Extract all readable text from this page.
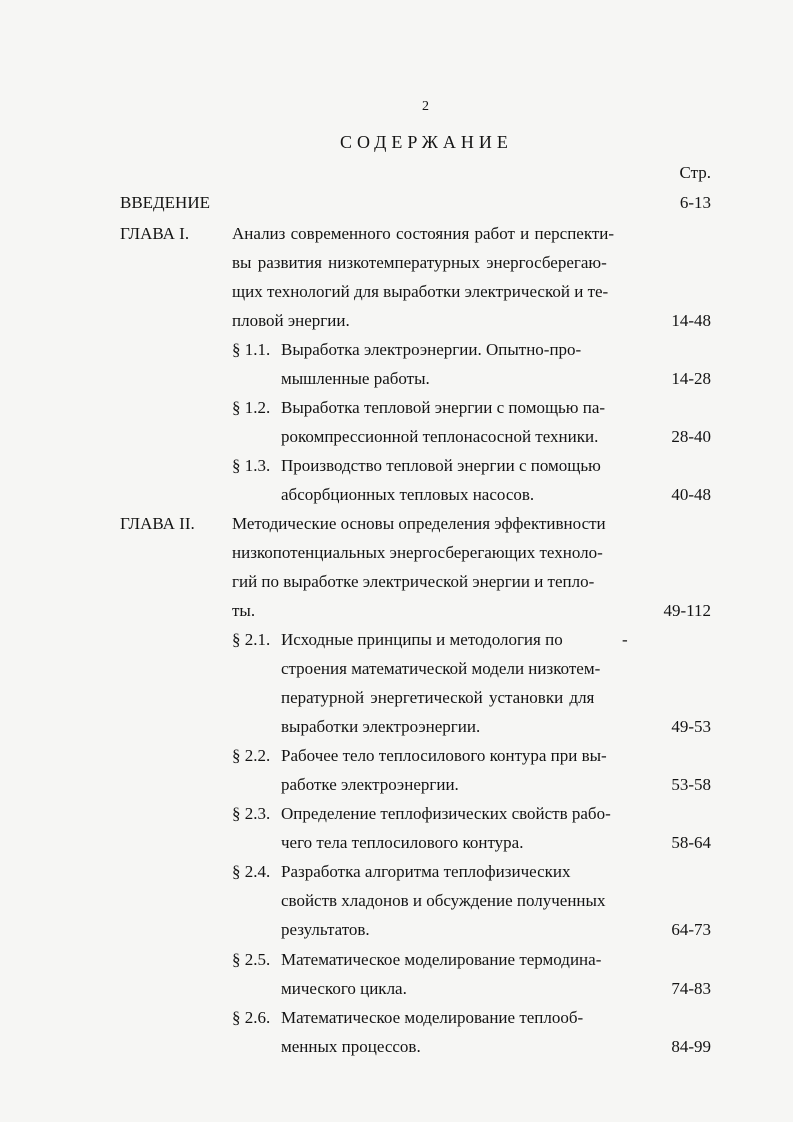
2
СОДЕРЖАНИЕ
Стр.
ВВЕДЕНИЕ	6-13
ГЛАВА I.	Анализ современного состояния работ и перспекти-
вы развития низкотемпературных энергосберегаю-
щих технологий для выработки электрической и те-
пловой энергии.	14-48
§ 1.1. Выработка электроэнергии. Опытно-про-
мышленные работы.	14-28
§ 1.2. Выработка тепловой энергии с помощью па-
рокомпрессионной теплонасосной техники.	28-40
§ 1.3. Производство тепловой энергии с помощью
абсорбционных тепловых насосов.	40-48
ГЛАВА II. Методические основы определения эффективности
низкопотенциальных энергосберегающих техноло-
гий по выработке электрической энергии и тепло-
ты.	49-112
§ 2.1. Исходные принципы и методология по	-
строения математической модели низкотем-
пературной энергетической установки для
выработки электроэнергии.	49-53
§ 2.2. Рабочее тело теплосилового контура при вы-
работке электроэнергии.	53-58
§ 2.3. Определение теплофизических свойств рабо-
чего тела теплосилового контура.	58-64
§ 2.4. Разработка алгоритма теплофизических
свойств хладонов и обсуждение полученных
результатов.	64-73
§ 2.5. Математическое моделирование термодина-
мического цикла.	74-83
§ 2.6. Математическое моделирование теплооб-
менных процессов.	84-99
